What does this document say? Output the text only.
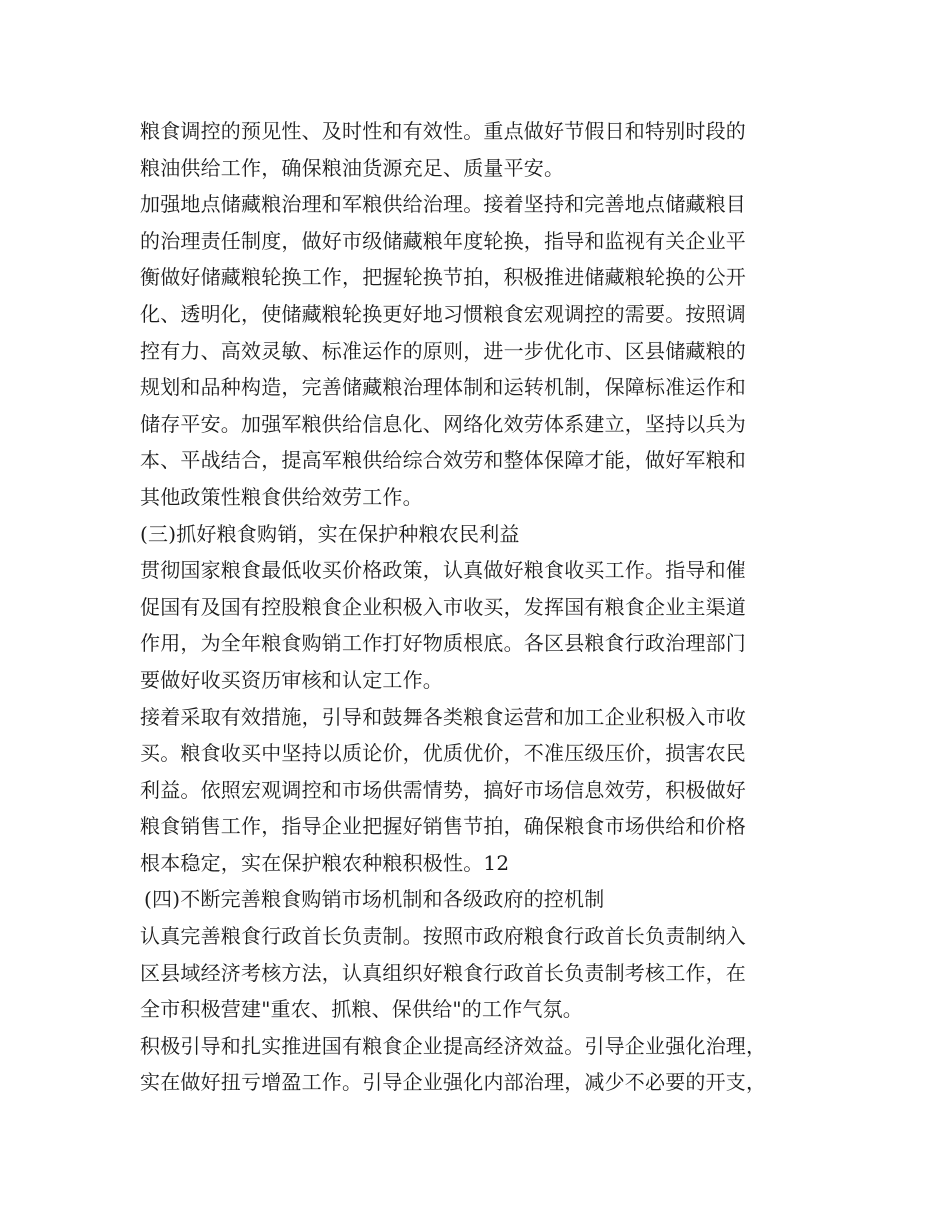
粮食调控的预见性、及时性和有效性。重点做好节假日和特别时段的
粮油供给工作，确保粮油货源充足、质量平安。
加强地点储藏粮治理和军粮供给治理。接着坚持和完善地点储藏粮目
的治理责任制度，做好市级储藏粮年度轮换，指导和监视有关企业平
衡做好储藏粮轮换工作，把握轮换节拍，积极推进储藏粮轮换的公开
化、透明化，使储藏粮轮换更好地习惯粮食宏观调控的需要。按照调
控有力、高效灵敏、标准运作的原则，进一步优化市、区县储藏粮的
规划和品种构造，完善储藏粮治理体制和运转机制，保障标准运作和
储存平安。加强军粮供给信息化、网络化效劳体系建立，坚持以兵为
本、平战结合，提高军粮供给综合效劳和整体保障才能，做好军粮和
其他政策性粮食供给效劳工作。
(三)抓好粮食购销，实在保护种粮农民利益
贯彻国家粮食最低收买价格政策，认真做好粮食收买工作。指导和催
促国有及国有控股粮食企业积极入市收买，发挥国有粮食企业主渠道
作用，为全年粮食购销工作打好物质根底。各区县粮食行政治理部门
要做好收买资历审核和认定工作。
接着采取有效措施，引导和鼓舞各类粮食运营和加工企业积极入市收
买。粮食收买中坚持以质论价，优质优价，不准压级压价，损害农民
利益。依照宏观调控和市场供需情势，搞好市场信息效劳，积极做好
粮食销售工作，指导企业把握好销售节拍，确保粮食市场供给和价格
根本稳定，实在保护粮农种粮积极性。12
(四)不断完善粮食购销市场机制和各级政府的控机制
认真完善粮食行政首长负责制。按照市政府粮食行政首长负责制纳入
区县域经济考核方法，认真组织好粮食行政首长负责制考核工作，在
全市积极营建"重农、抓粮、保供给"的工作气氛。
积极引导和扎实推进国有粮食企业提高经济效益。引导企业强化治理，
实在做好扭亏增盈工作。引导企业强化内部治理，减少不必要的开支，
